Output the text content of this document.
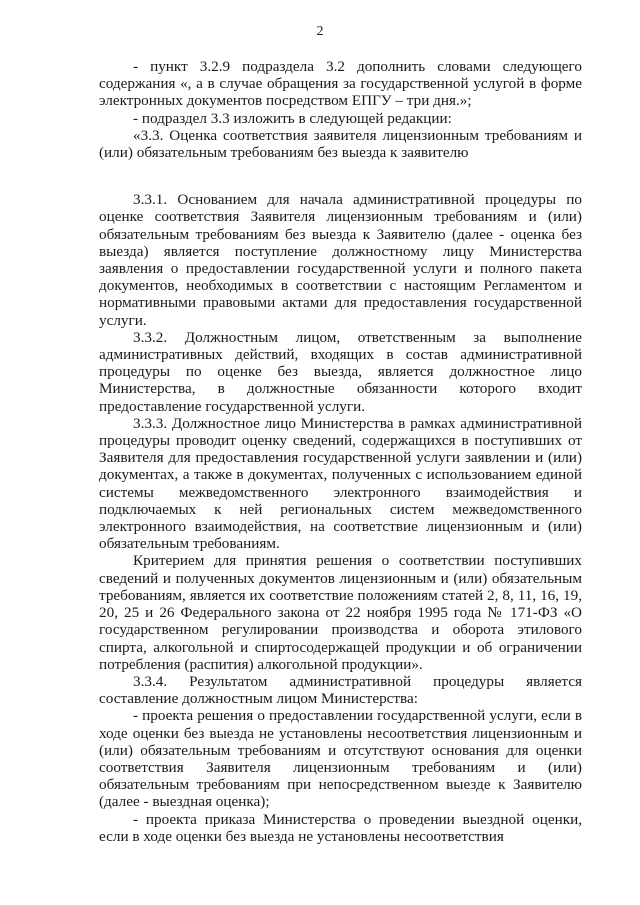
2

- пункт 3.2.9 подраздела 3.2 дополнить словами следующего содержания «, а в случае обращения за государственной услугой в форме электронных документов посредством ЕПГУ – три дня.»;

- подраздел 3.3 изложить в следующей редакции:

«3.3. Оценка соответствия заявителя лицензионным требованиям и (или) обязательным требованиям без выезда к заявителю

3.3.1. Основанием для начала административной процедуры по оценке соответствия Заявителя лицензионным требованиям и (или) обязательным требованиям без выезда к Заявителю (далее - оценка без выезда) является поступление должностному лицу Министерства заявления о предоставлении государственной услуги и полного пакета документов, необходимых в соответствии с настоящим Регламентом и нормативными правовыми актами для предоставления государственной услуги.

3.3.2. Должностным лицом, ответственным за выполнение административных действий, входящих в состав административной процедуры по оценке без выезда, является должностное лицо Министерства, в должностные обязанности которого входит предоставление государственной услуги.

3.3.3. Должностное лицо Министерства в рамках административной процедуры проводит оценку сведений, содержащихся в поступивших от Заявителя для предоставления государственной услуги заявлении и (или) документах, а также в документах, полученных с использованием единой системы межведомственного электронного взаимодействия и подключаемых к ней региональных систем межведомственного электронного взаимодействия, на соответствие лицензионным и (или) обязательным требованиям.

Критерием для принятия решения о соответствии поступивших сведений и полученных документов лицензионным и (или) обязательным требованиям, является их соответствие положениям статей 2, 8, 11, 16, 19, 20, 25 и 26 Федерального закона от 22 ноября 1995 года № 171-ФЗ «О государственном регулировании производства и оборота этилового спирта, алкогольной и спиртосодержащей продукции и об ограничении потребления (распития) алкогольной продукции».

3.3.4. Результатом административной процедуры является составление должностным лицом Министерства:

- проекта решения о предоставлении государственной услуги, если в ходе оценки без выезда не установлены несоответствия лицензионным и (или) обязательным требованиям и отсутствуют основания для оценки соответствия Заявителя лицензионным требованиям и (или) обязательным требованиям при непосредственном выезде к Заявителю (далее - выездная оценка);

- проекта приказа Министерства о проведении выездной оценки, если в ходе оценки без выезда не установлены несоответствия
